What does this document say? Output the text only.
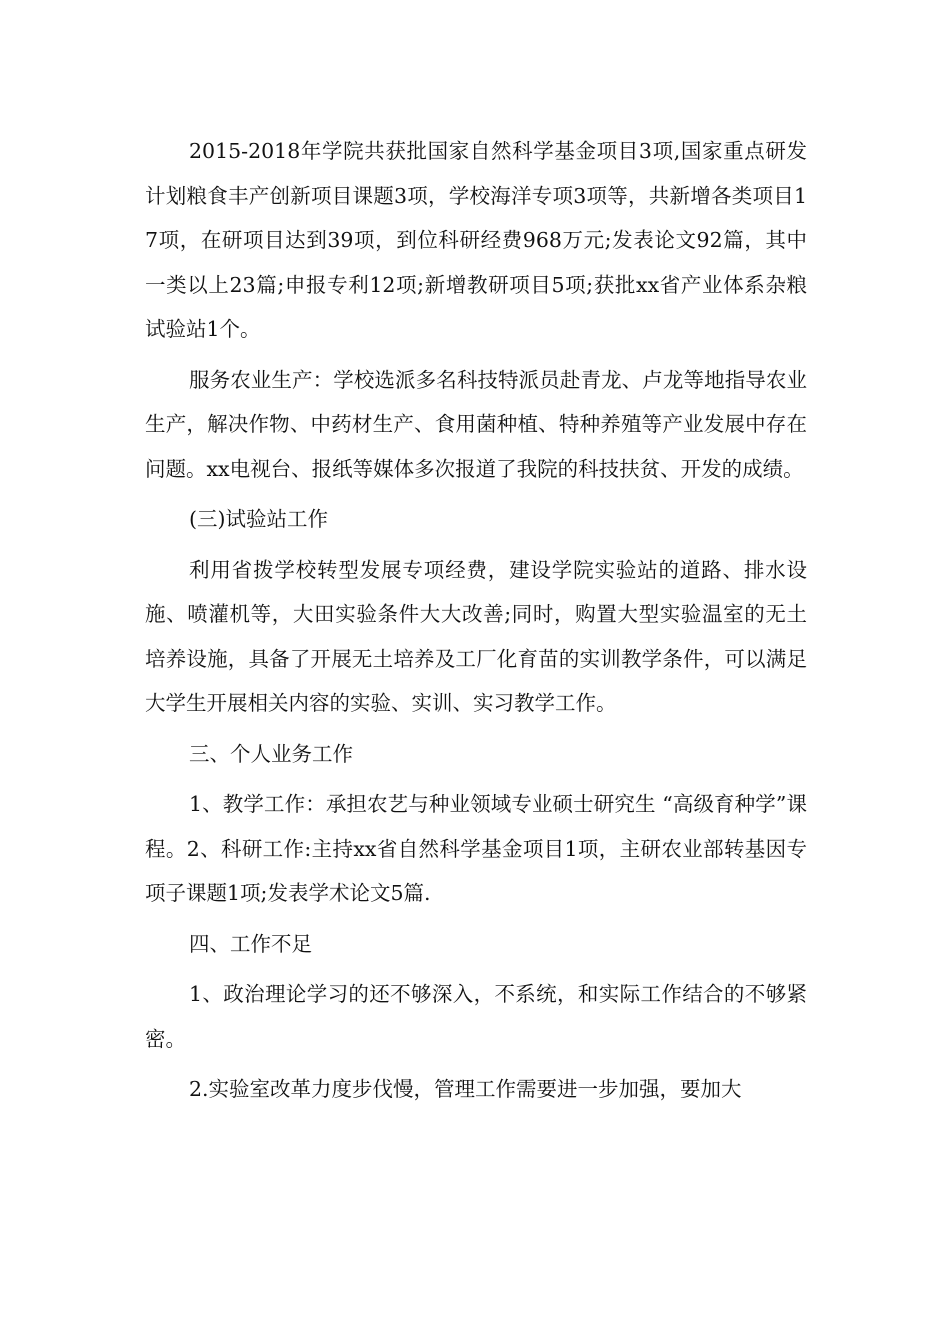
2015-2018年学院共获批国家自然科学基金项目3项,国家重点研发计划粮食丰产创新项目课题3项，学校海洋专项3项等，共新增各类项目17项，在研项目达到39项，到位科研经费968万元;发表论文92篇，其中一类以上23篇;申报专利12项;新增教研项目5项;获批xx省产业体系杂粮试验站1个。

服务农业生产：学校选派多名科技特派员赴青龙、卢龙等地指导农业生产，解决作物、中药材生产、食用菌种植、特种养殖等产业发展中存在问题。xx电视台、报纸等媒体多次报道了我院的科技扶贫、开发的成绩。

(三)试验站工作

利用省拨学校转型发展专项经费，建设学院实验站的道路、排水设施、喷灌机等，大田实验条件大大改善;同时，购置大型实验温室的无土培养设施，具备了开展无土培养及工厂化育苗的实训教学条件，可以满足大学生开展相关内容的实验、实训、实习教学工作。

三、个人业务工作

1、教学工作：承担农艺与种业领域专业硕士研究生 “高级育种学”课程。2、科研工作:主持xx省自然科学基金项目1项，主研农业部转基因专项子课题1项;发表学术论文5篇.

四、工作不足

1、政治理论学习的还不够深入，不系统，和实际工作结合的不够紧密。

2.实验室改革力度步伐慢，管理工作需要进一步加强，要加大
